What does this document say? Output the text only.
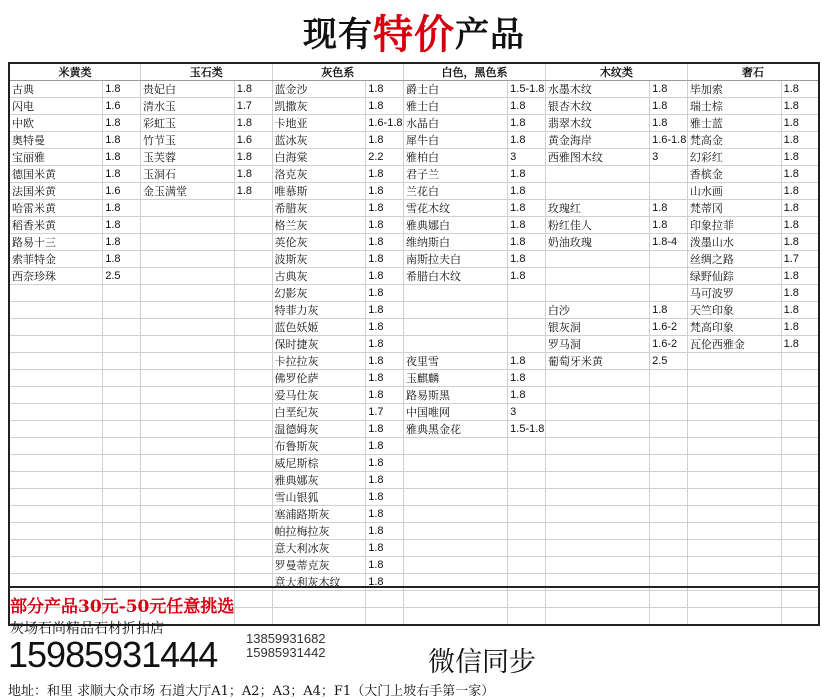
现有 特价 产品
米黄类		玉石类		灰色系		白色，黑色系		木纹类		奢石	
古典	1.8	贵妃白	1.8	蓝金沙	1.8	爵士白	1.5-1.8	水墨木纹	1.8	毕加索	1.8
闪电	1.6	清水玉	1.7	凯撒灰	1.8	雅士白	1.8	银杏木纹	1.8	瑞士棕	1.8
中欧	1.8	彩虹玉	1.8	卡地亚	1.6-1.8	水晶白	1.8	翡翠木纹	1.8	雅士蓝	1.8
奥特曼	1.8	竹节玉	1.6	蓝冰灰	1.8	犀牛白	1.8	黄金海岸	1.6-1.8	梵高金	1.8
宝丽雅	1.8	玉芙蓉	1.8	白海棠	2.2	雅柏白	3	西雅图木纹	3	幻彩红	1.8
德国米黄	1.8	玉洞石	1.8	洛克灰	1.8	君子兰	1.8			香槟金	1.8
法国米黄	1.6	金玉满堂	1.8	唯慕斯	1.8	兰花白	1.8			山水画	1.8
哈雷米黄	1.8			希腊灰	1.8	雪花木纹	1.8	玫瑰红	1.8	梵蒂冈	1.8
稻香米黄	1.8			格兰灰	1.8	雅典娜白	1.8	粉红佳人	1.8	印象拉菲	1.8
路易十三	1.8			英伦灰	1.8	维纳斯白	1.8	奶油玫瑰	1.8-4	泼墨山水	1.8
索菲特金	1.8			波斯灰	1.8	南斯拉夫白	1.8			丝绸之路	1.7
西奈珍珠	2.5			古典灰	1.8	希腊白木纹	1.8			绿野仙踪	1.8
				幻影灰	1.8					马可波罗	1.8
				特菲力灰	1.8			白沙	1.8	天竺印象	1.8
				蓝色妖姬	1.8			银灰洞	1.6-2	梵高印象	1.8
				保时捷灰	1.8			罗马洞	1.6-2	瓦伦西雅金	1.8
				卡拉拉灰	1.8	夜里雪	1.8	葡萄牙米黄	2.5		
				佛罗伦萨	1.8	玉麒麟	1.8				
				爱马仕灰	1.8	路易斯黑	1.8				
				白垩纪灰	1.7	中国唯网	3				
				温德姆灰	1.8	雅典黑金花	1.5-1.8				
				布鲁斯灰	1.8						
				威尼斯棕	1.8						
				雅典娜灰	1.8						
				雪山银狐	1.8						
				塞浦路斯灰	1.8						
				帕拉梅拉灰	1.8						
				意大利冰灰	1.8						
				罗曼蒂克灰	1.8						
				意大利灰木纹	1.8						

部分产品30元-50元任意挑选
灰场石尚精品石材折扣店
15985931444 13859931682
15985931442	微信同步
地址：和里 求顺大众市场 石道大厅A1；A2；A3；A4；F1（大门上坡右手第一家）
